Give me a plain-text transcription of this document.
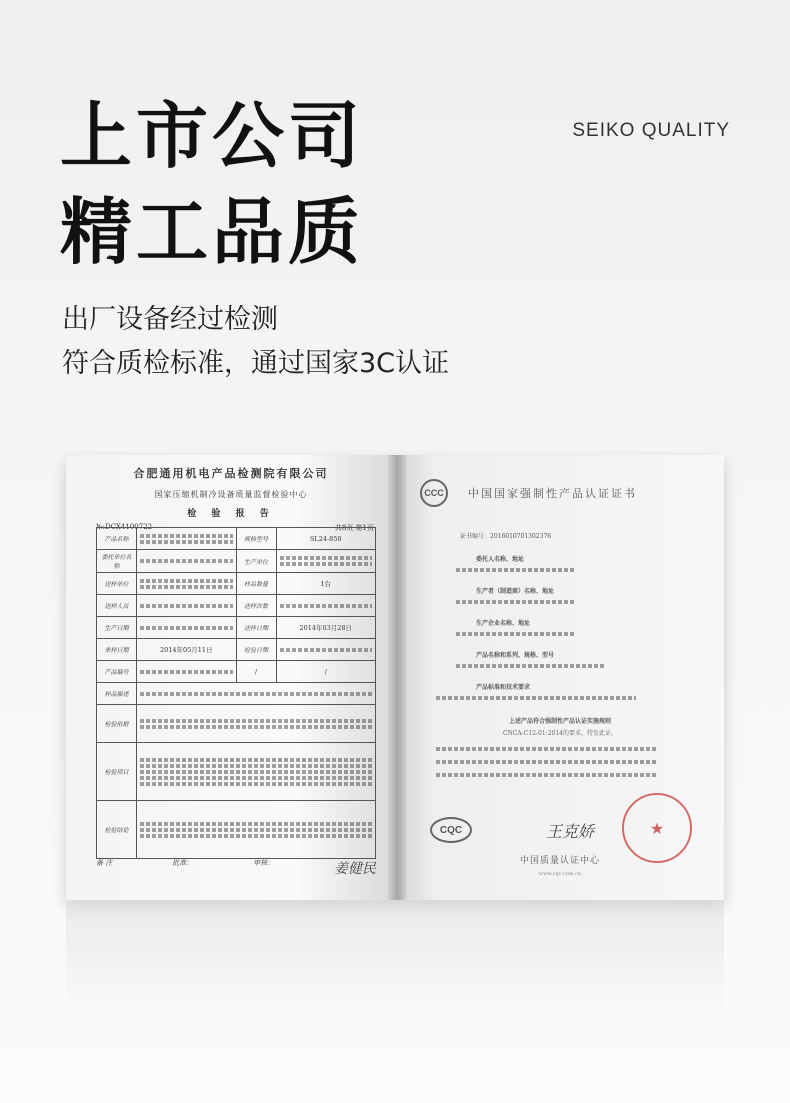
上市公司
精工品质
SEIKO QUALITY
出厂设备经过检测
符合质检标准，通过国家3C认证
合肥通用机电产品检测院有限公司
国家压缩机制冷设备质量监督检验中心
检 验 报 告
№:DCX4100722	共8页 第1页
产品名称		规格型号	SL24-850
委托单位名称		生产单位	

送样单位		样品数量	1台
送样人员		送样次数	

生产日期		送样日期	2014年03月28日
来样日期	2014年05月11日	检验日期	

产品编号		/	/
样品描述			

检验依据			

检验项目			

检验结论			
备 注	批准：	审核：	姜健民
CCC	中国国家强制性产品认证证书
证书编号：2016010701302376
委托人名称、地址
生产者（制造商）名称、地址
生产企业名称、地址
产品名称和系列、规格、型号
产品标准和技术要求
上述产品符合强制性产品认证实施规则
CNCA-C12-01:2014的要求，特发此证。
CQC	王克娇	★
中国质量认证中心
www.cqc.com.cn
